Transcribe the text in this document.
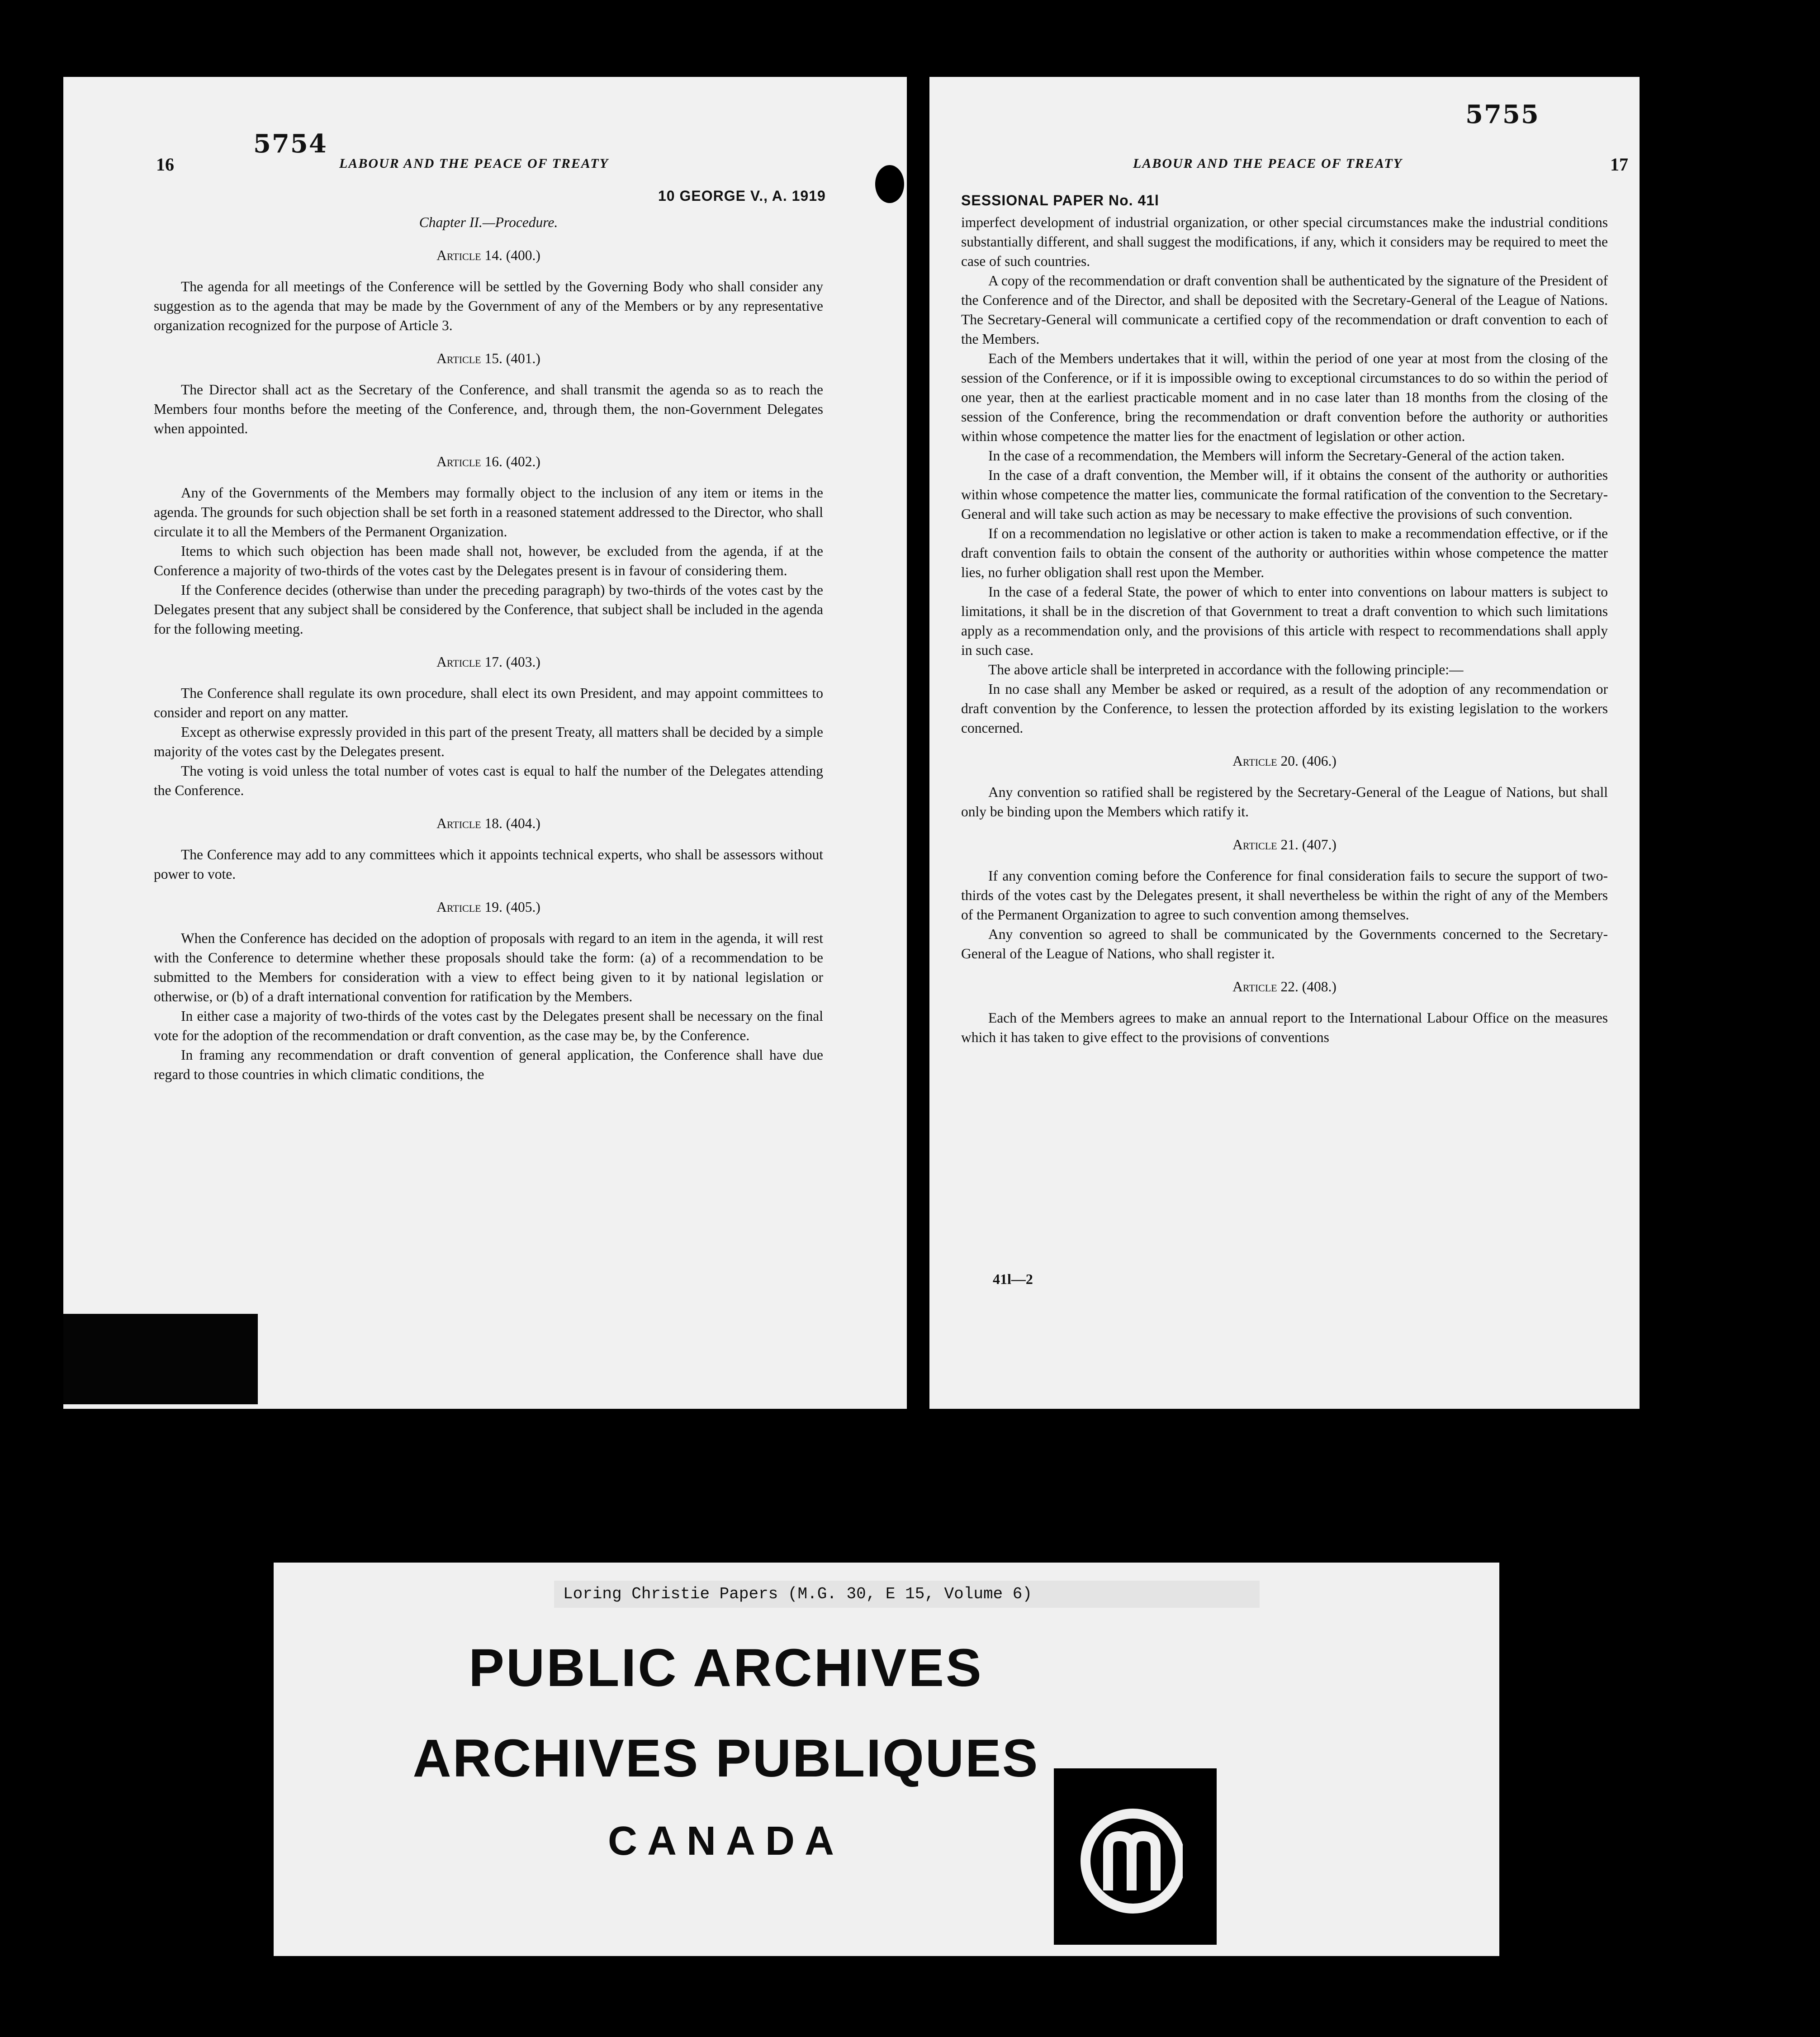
16
5754
LABOUR AND THE PEACE OF TREATY
10 GEORGE V., A. 1919

Chapter II.—Procedure.

Article 14. (400.)

The agenda for all meetings of the Conference will be settled by the Governing Body who shall consider any suggestion as to the agenda that may be made by the Government of any of the Members or by any representative organization recognized for the purpose of Article 3.

Article 15. (401.)

The Director shall act as the Secretary of the Conference, and shall transmit the agenda so as to reach the Members four months before the meeting of the Conference, and, through them, the non-Government Delegates when appointed.

Article 16. (402.)

Any of the Governments of the Members may formally object to the inclusion of any item or items in the agenda. The grounds for such objection shall be set forth in a reasoned statement addressed to the Director, who shall circulate it to all the Members of the Permanent Organization.

Items to which such objection has been made shall not, however, be excluded from the agenda, if at the Conference a majority of two-thirds of the votes cast by the Delegates present is in favour of considering them.

If the Conference decides (otherwise than under the preceding paragraph) by two-thirds of the votes cast by the Delegates present that any subject shall be considered by the Conference, that subject shall be included in the agenda for the following meeting.

Article 17. (403.)

The Conference shall regulate its own procedure, shall elect its own President, and may appoint committees to consider and report on any matter.

Except as otherwise expressly provided in this part of the present Treaty, all matters shall be decided by a simple majority of the votes cast by the Delegates present.

The voting is void unless the total number of votes cast is equal to half the number of the Delegates attending the Conference.

Article 18. (404.)

The Conference may add to any committees which it appoints technical experts, who shall be assessors without power to vote.

Article 19. (405.)

When the Conference has decided on the adoption of proposals with regard to an item in the agenda, it will rest with the Conference to determine whether these proposals should take the form: (a) of a recommendation to be submitted to the Members for consideration with a view to effect being given to it by national legislation or otherwise, or (b) of a draft international convention for ratification by the Members.

In either case a majority of two-thirds of the votes cast by the Delegates present shall be necessary on the final vote for the adoption of the recommendation or draft convention, as the case may be, by the Conference.

In framing any recommendation or draft convention of general application, the Conference shall have due regard to those countries in which climatic conditions, the

5755
LABOUR AND THE PEACE OF TREATY	17
SESSIONAL PAPER No. 41l

imperfect development of industrial organization, or other special circumstances make the industrial conditions substantially different, and shall suggest the modifications, if any, which it considers may be required to meet the case of such countries.

A copy of the recommendation or draft convention shall be authenticated by the signature of the President of the Conference and of the Director, and shall be deposited with the Secretary-General of the League of Nations. The Secretary-General will communicate a certified copy of the recommendation or draft convention to each of the Members.

Each of the Members undertakes that it will, within the period of one year at most from the closing of the session of the Conference, or if it is impossible owing to exceptional circumstances to do so within the period of one year, then at the earliest practicable moment and in no case later than 18 months from the closing of the session of the Conference, bring the recommendation or draft convention before the authority or authorities within whose competence the matter lies for the enactment of legislation or other action.

In the case of a recommendation, the Members will inform the Secretary-General of the action taken.

In the case of a draft convention, the Member will, if it obtains the consent of the authority or authorities within whose competence the matter lies, communicate the formal ratification of the convention to the Secretary-General and will take such action as may be necessary to make effective the provisions of such convention.

If on a recommendation no legislative or other action is taken to make a recommendation effective, or if the draft convention fails to obtain the consent of the authority or authorities within whose competence the matter lies, no furher obligation shall rest upon the Member.

In the case of a federal State, the power of which to enter into conventions on labour matters is subject to limitations, it shall be in the discretion of that Government to treat a draft convention to which such limitations apply as a recommendation only, and the provisions of this article with respect to recommendations shall apply in such case.

The above article shall be interpreted in accordance with the following principle:—

In no case shall any Member be asked or required, as a result of the adoption of any recommendation or draft convention by the Conference, to lessen the protection afforded by its existing legislation to the workers concerned.

Article 20. (406.)

Any convention so ratified shall be registered by the Secretary-General of the League of Nations, but shall only be binding upon the Members which ratify it.

Article 21. (407.)

If any convention coming before the Conference for final consideration fails to secure the support of two-thirds of the votes cast by the Delegates present, it shall nevertheless be within the right of any of the Members of the Permanent Organization to agree to such convention among themselves.

Any convention so agreed to shall be communicated by the Governments concerned to the Secretary-General of the League of Nations, who shall register it.

Article 22. (408.)

Each of the Members agrees to make an annual report to the International Labour Office on the measures which it has taken to give effect to the provisions of conventions

41l—2
Loring Christie Papers (M.G. 30, E 15, Volume 6)
PUBLIC ARCHIVES
ARCHIVES PUBLIQUES
CANADA
